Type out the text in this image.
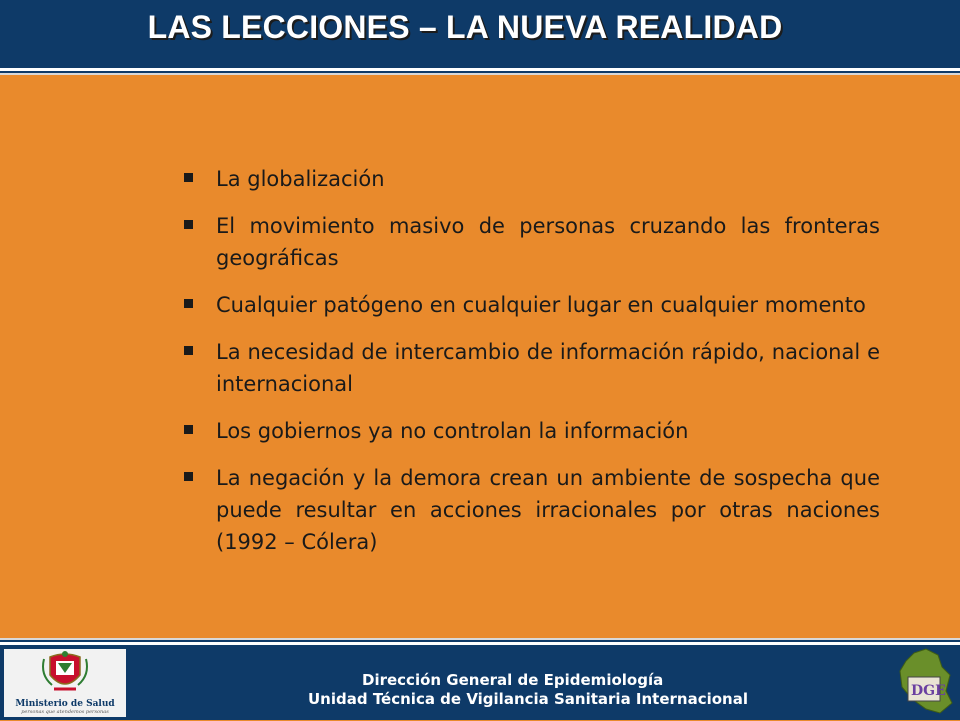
LAS LECCIONES – LA NUEVA REALIDAD
La globalización
El movimiento masivo de personas cruzando las fronteras geográficas
Cualquier patógeno en cualquier lugar en cualquier momento
La necesidad de intercambio de información rápido, nacional e internacional
Los gobiernos ya no controlan la información
La negación y la demora crean un ambiente de sospecha que puede resultar en acciones irracionales por otras naciones (1992 – Cólera)
Ministerio de Salud
personas que atendemos personas
Dirección General de Epidemiología
Unidad Técnica de Vigilancia Sanitaria Internacional	DGE
